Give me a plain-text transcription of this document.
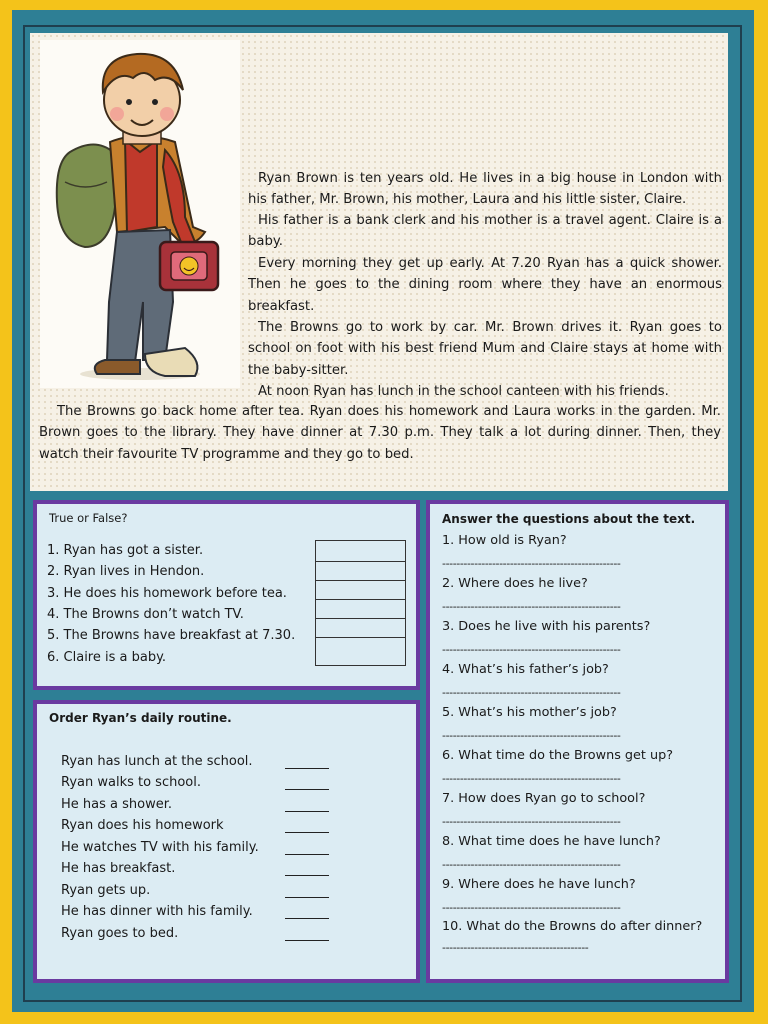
Ryan Brown is ten years old. He lives in a big house in London with his father, Mr. Brown, his mother, Laura and his little sister, Claire.

His father is a bank clerk and his mother is a travel agent. Claire is a baby.

Every morning they get up early. At 7.20 Ryan has a quick shower. Then he goes to the dining room where they have an enormous breakfast.

The Browns go to work by car. Mr. Brown drives it. Ryan goes to school on foot with his best friend Mum and Claire stays at home with the baby-sitter.

At noon Ryan has lunch in the school canteen with his friends.

The Browns go back home after tea. Ryan does his homework and Laura works in the garden. Mr. Brown goes to the library. They have dinner at 7.30 p.m. They talk a lot during dinner. Then, they watch their favourite TV programme and they go to bed.

True or False?
1. Ryan has got a sister.
2. Ryan lives in Hendon.
3. He does his homework before tea.
4. The Browns don’t watch TV.
5. The Browns have breakfast at 7.30.
6. Claire is a baby.
Order Ryan’s daily routine.
Ryan has lunch at the school.
Ryan walks to school.
He has a shower.
Ryan does his homework
He watches TV with his family.
He has breakfast.
Ryan gets up.
He has dinner with his family.
Ryan goes to bed.
Answer the questions about the text.
1. How old is Ryan?
--------------------------------------------------
2. Where does he live?
--------------------------------------------------
3. Does he live with his parents?
--------------------------------------------------
4. What’s his father’s job?
--------------------------------------------------
5. What’s his mother’s job?
--------------------------------------------------
6. What time do the Browns get up?
--------------------------------------------------
7. How does Ryan go to school?
--------------------------------------------------
8. What time does he have lunch?
--------------------------------------------------
9. Where does he have lunch?
--------------------------------------------------
10. What do the Browns do after dinner?
-----------------------------------------
